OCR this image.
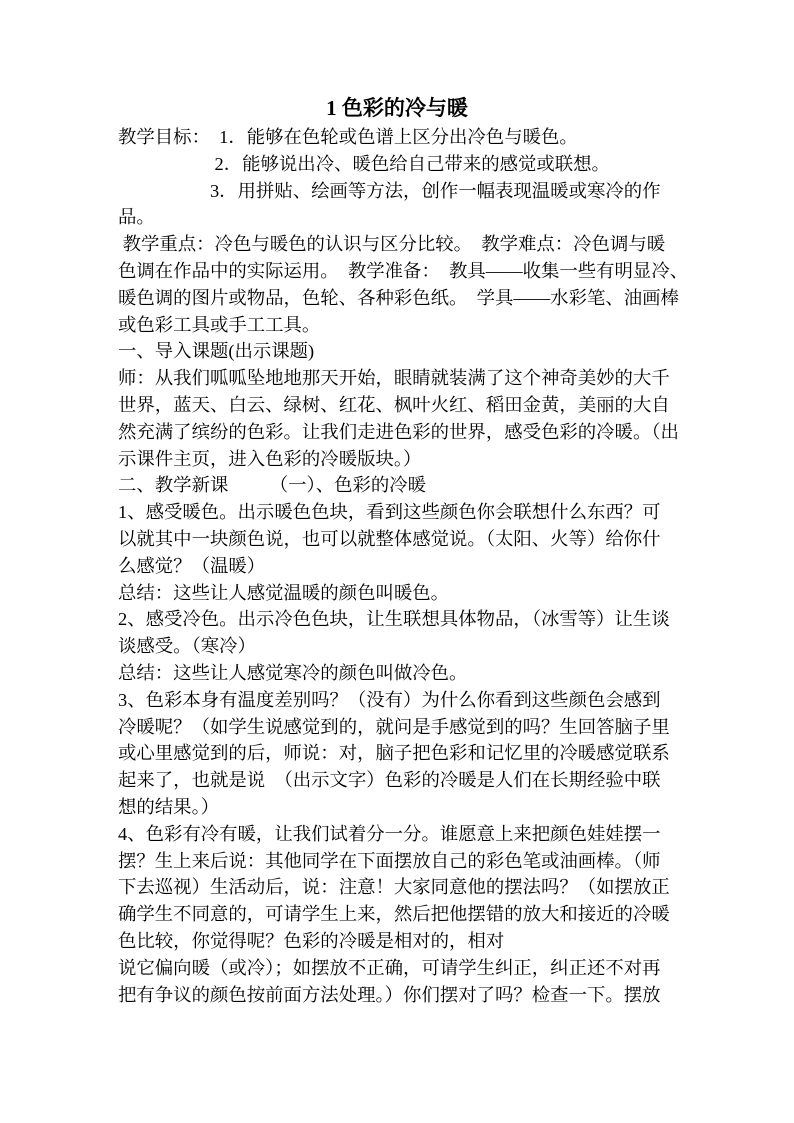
1 色彩的冷与暖
教学目标：　1．能够在色轮或色谱上区分出冷色与暖色。
　　　　　 2．能够说出冷、暖色给自己带来的感觉或联想。
　　　　　3．用拼贴、绘画等方法，创作一幅表现温暖或寒冷的作
品。
教学重点：冷色与暖色的认识与区分比较。　教学难点：冷色调与暖
色调在作品中的实际运用。　教学准备：　教具——收集一些有明显冷、
暖色调的图片或物品，色轮、各种彩色纸。　学具——水彩笔、油画棒
或色彩工具或手工工具。
一、导入课题(出示课题)
师：从我们呱呱坠地地那天开始，眼睛就装满了这个神奇美妙的大千
世界，蓝天、白云、绿树、红花、枫叶火红、稻田金黄，美丽的大自
然充满了缤纷的色彩。让我们走进色彩的世界，感受色彩的冷暖。（出
示课件主页，进入色彩的冷暖版块。）
二、教学新课　　 （一）、色彩的冷暖
1、感受暖色。出示暖色色块，看到这些颜色你会联想什么东西？可
以就其中一块颜色说，也可以就整体感觉说。（太阳、火等）给你什
么感觉？（温暖）
总结：这些让人感觉温暖的颜色叫暖色。
2、感受冷色。出示冷色色块，让生联想具体物品，（冰雪等）让生谈
谈感受。（寒冷）
总结：这些让人感觉寒冷的颜色叫做冷色。
3、色彩本身有温度差别吗？（没有）为什么你看到这些颜色会感到
冷暖呢？（如学生说感觉到的，就问是手感觉到的吗？生回答脑子里
或心里感觉到的后，师说：对，脑子把色彩和记忆里的冷暖感觉联系
起来了，也就是说　（出示文字）色彩的冷暖是人们在长期经验中联
想的结果。）
4、色彩有冷有暖，让我们试着分一分。谁愿意上来把颜色娃娃摆一
摆？生上来后说：其他同学在下面摆放自己的彩色笔或油画棒。（师
下去巡视）生活动后，说：注意！大家同意他的摆法吗？（如摆放正
确学生不同意的，可请学生上来，然后把他摆错的放大和接近的冷暖
色比较，你觉得呢？色彩的冷暖是相对的，相对
说它偏向暖（或冷）；如摆放不正确，可请学生纠正，纠正还不对再
把有争议的颜色按前面方法处理。）你们摆对了吗？检查一下。摆放
